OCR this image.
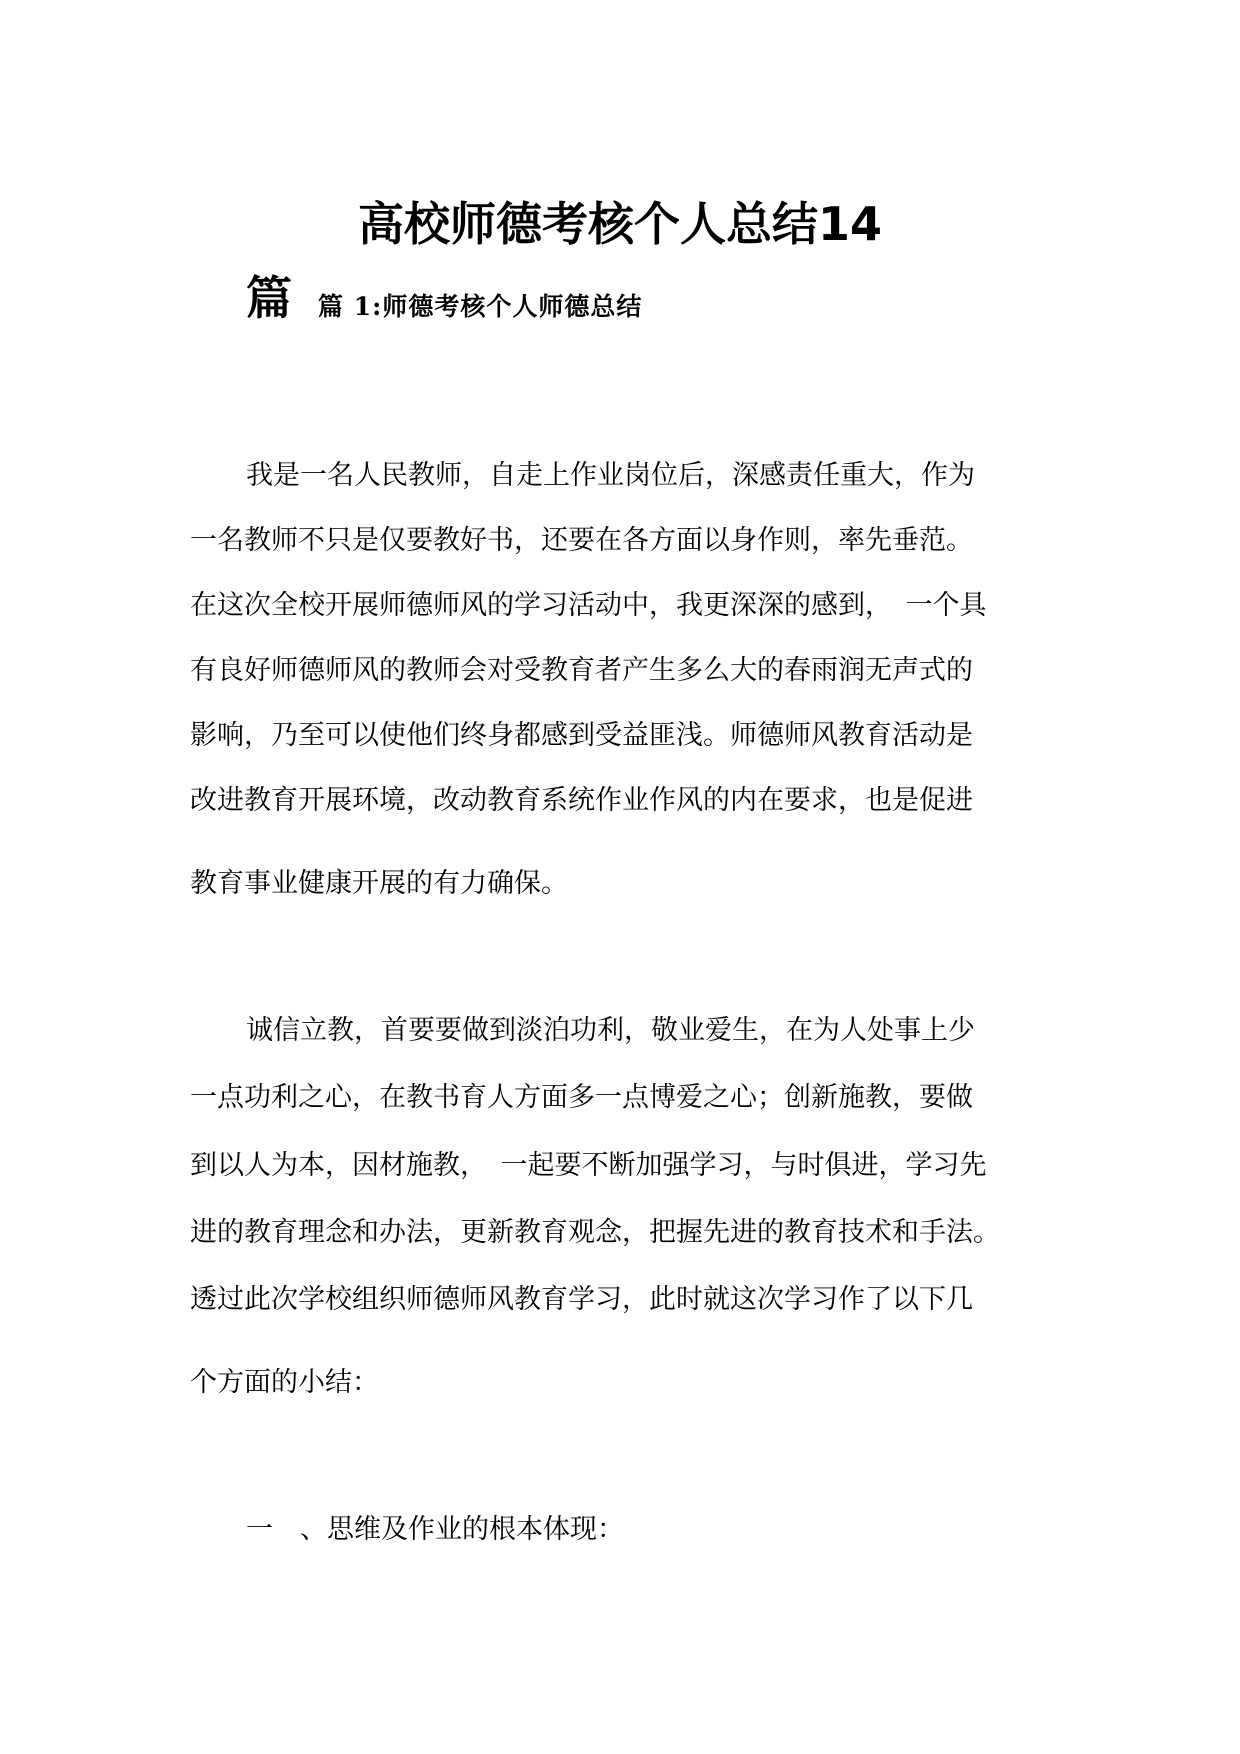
高校师德考核个人总结14
篇 篇 1:师德考核个人师德总结
我是一名人民教师，自走上作业岗位后，深感责任重大，作为
一名教师不只是仅要教好书，还要在各方面以身作则，率先垂范。
在这次全校开展师德师风的学习活动中，我更深深的感到，　一个具
有良好师德师风的教师会对受教育者产生多么大的春雨润无声式的
影响，乃至可以使他们终身都感到受益匪浅。师德师风教育活动是
改进教育开展环境，改动教育系统作业作风的内在要求，也是促进
教育事业健康开展的有力确保。
诚信立教，首要要做到淡泊功利，敬业爱生，在为人处事上少
一点功利之心，在教书育人方面多一点博爱之心；创新施教，要做
到以人为本，因材施教，　一起要不断加强学习，与时俱进，学习先
进的教育理念和办法，更新教育观念，把握先进的教育技术和手法。
透过此次学校组织师德师风教育学习，此时就这次学习作了以下几
个方面的小结：
一　、思维及作业的根本体现：
